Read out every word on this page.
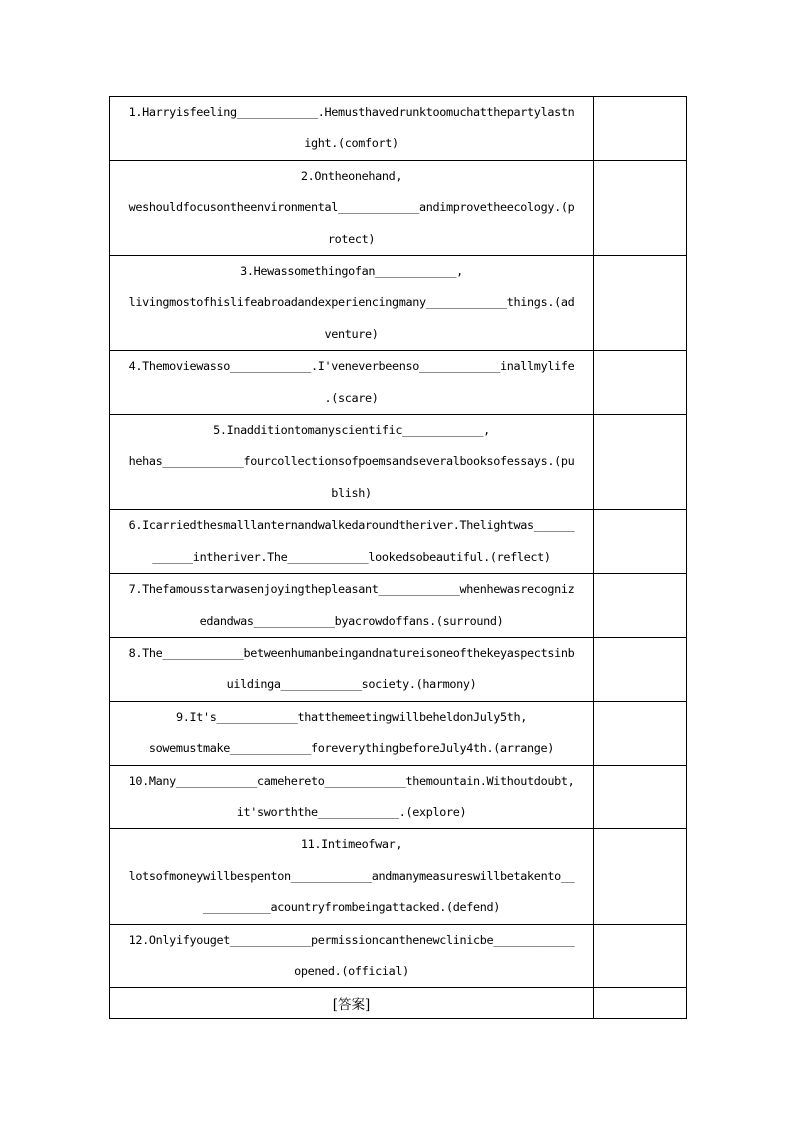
1.Harryisfeeling____________.Hemusthavedrunktoomuchatthepartylastn
ight.(comfort)	

2.Ontheonehand,
weshouldfocusontheenvironmental____________andimprovetheecology.(p
rotect)	

3.Hewassomethingofan____________,
livingmostofhislifeabroadandexperiencingmany____________things.(ad
venture)	

4.Themoviewasso____________.I'veneverbeenso____________inallmylife
.(scare)	

5.Inadditiontomanyscientific____________,
hehas____________fourcollectionsofpoemsandseveralbooksofessays.(pu
blish)	

6.Icarriedthesmalllanternandwalkedaroundtheriver.Thelightwas______
______intheriver.The____________lookedsobeautiful.(reflect)	

7.Thefamousstarwasenjoyingthepleasant____________whenhewasrecogniz
edandwas____________byacrowdoffans.(surround)	

8.The____________betweenhumanbeingandnatureisoneofthekeyaspectsinb
uildinga____________society.(harmony)	

9.It's____________thatthemeetingwillbeheldonJuly5th,
sowemustmake____________foreverythingbeforeJuly4th.(arrange)	

10.Many____________camehereto____________themountain.Withoutdoubt,
it'sworththe____________.(explore)	

11.Intimeofwar,
lotsofmoneywillbespenton____________andmanymeasureswillbetakento__
__________acountryfrombeingattacked.(defend)	

12.Onlyifyouget____________permissioncanthenewclinicbe____________
opened.(official)	

[答案]	
